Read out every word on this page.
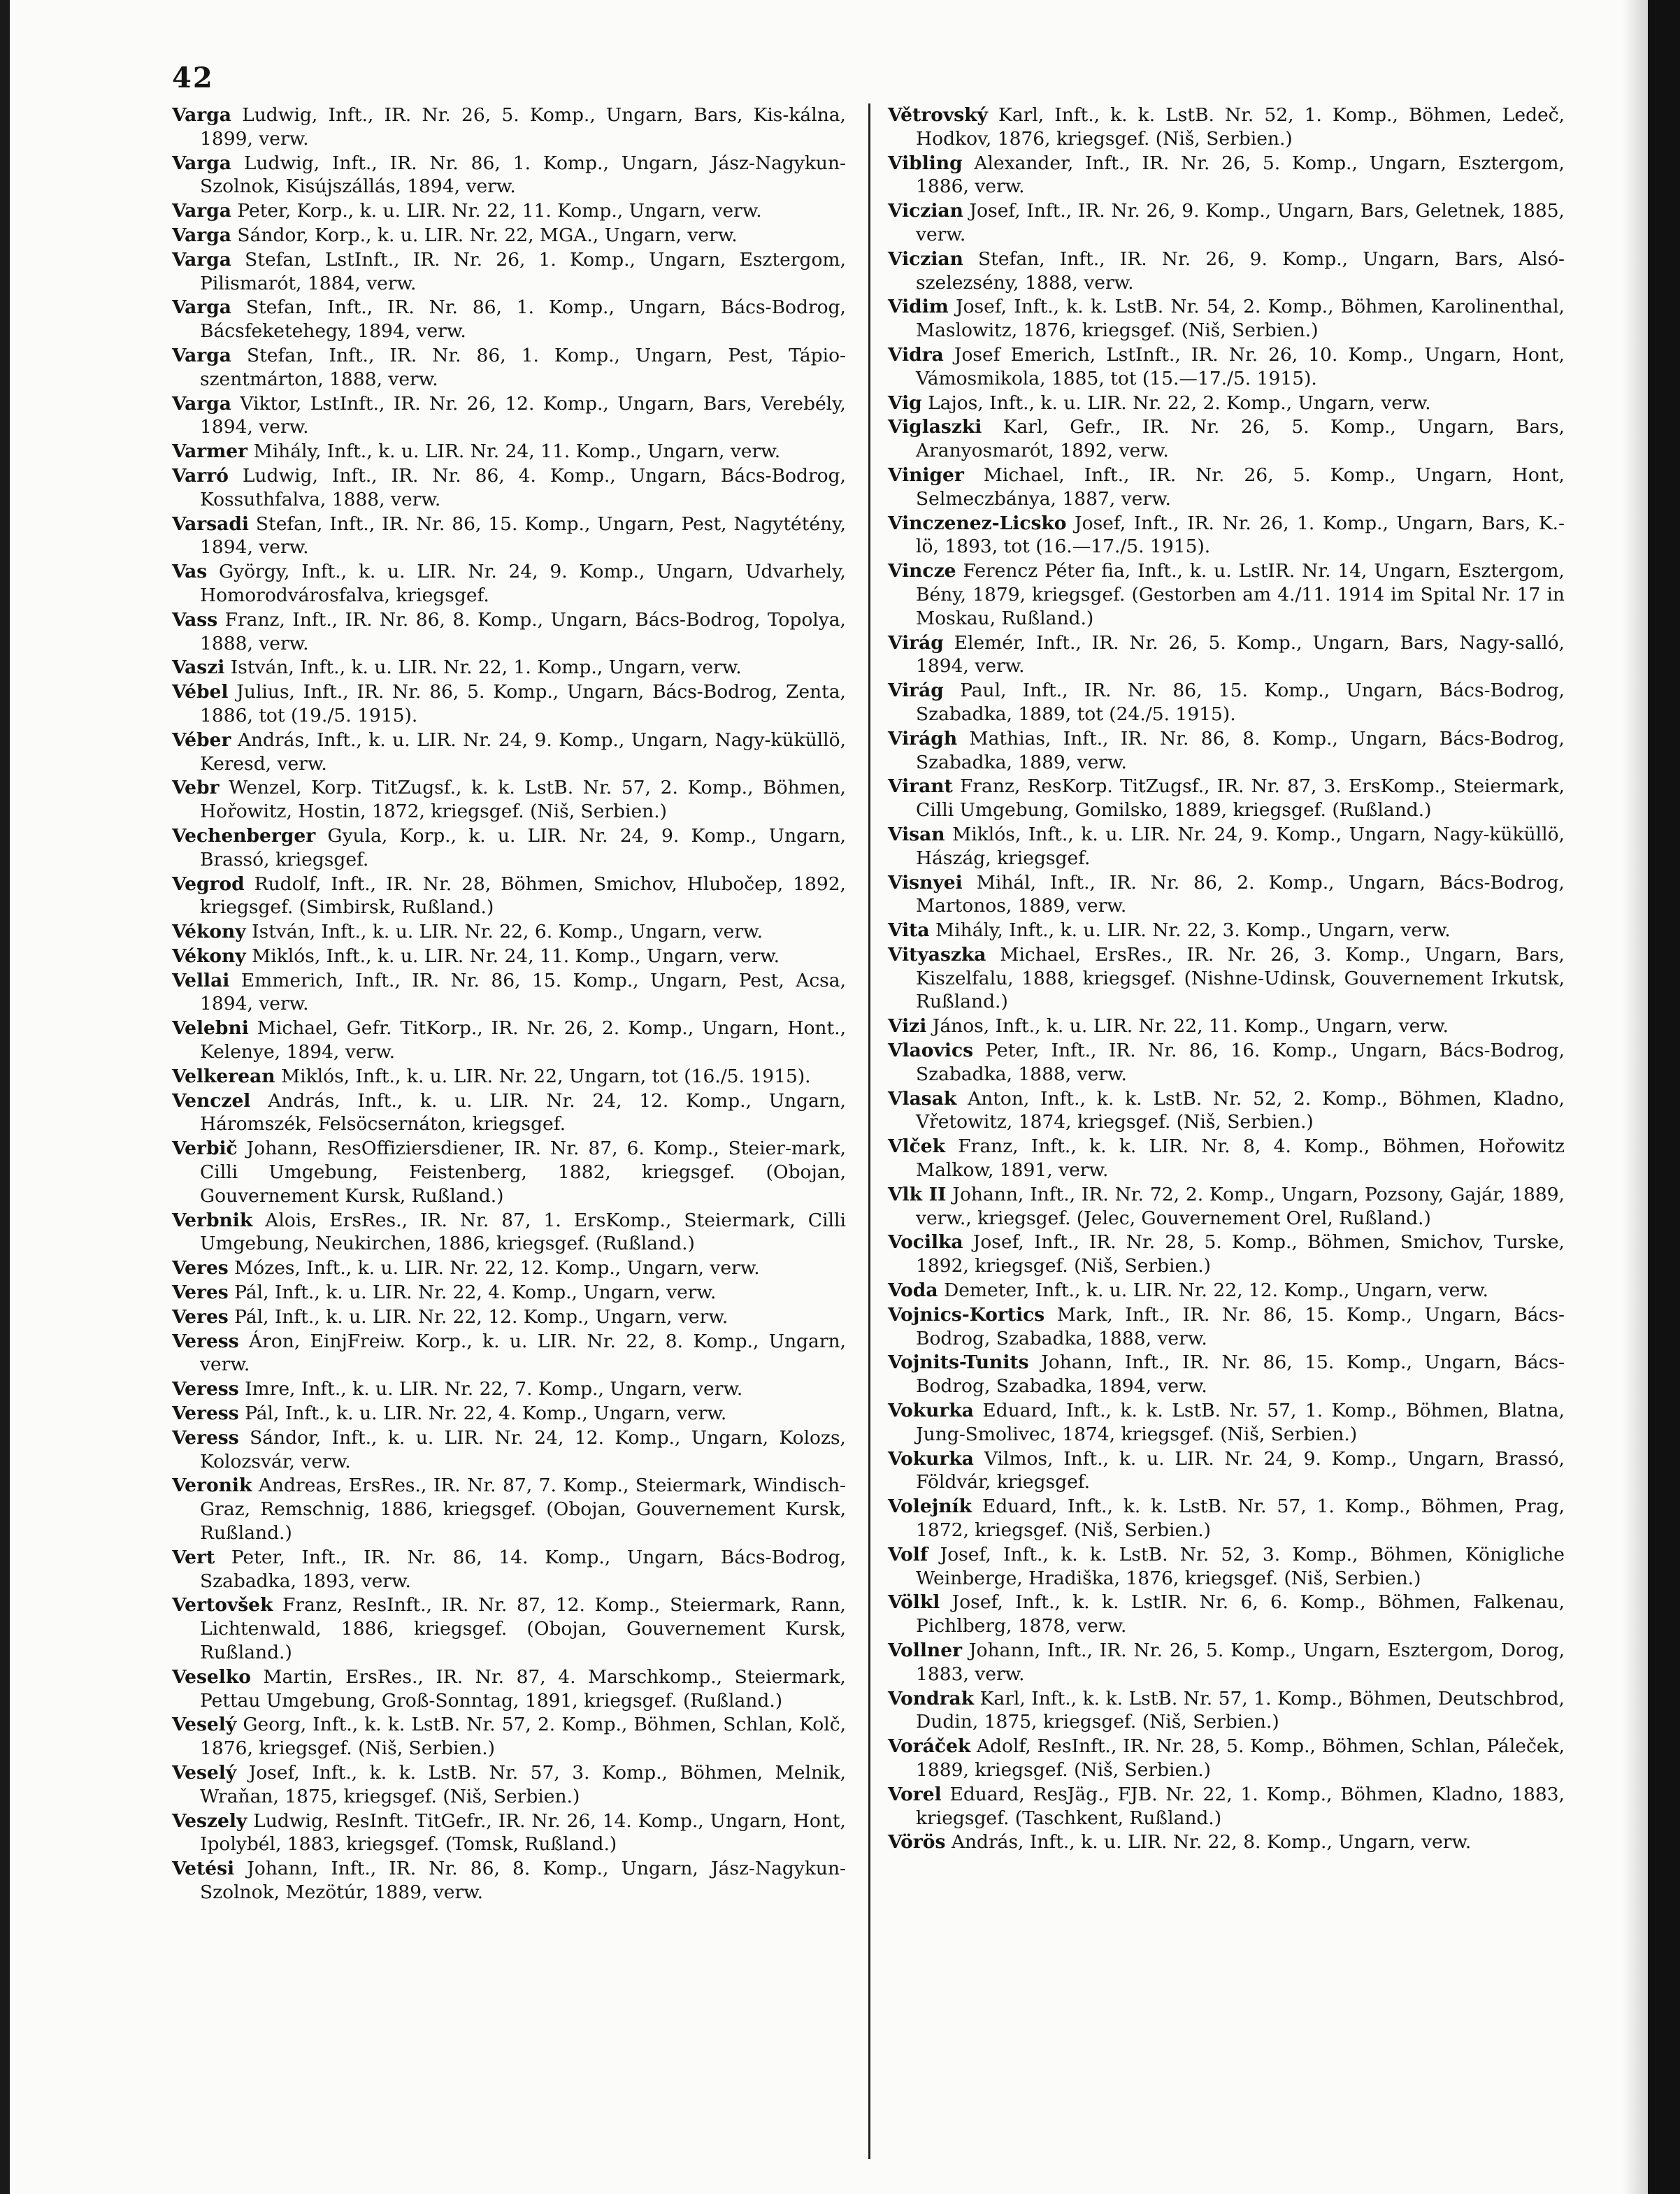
42
Varga Ludwig, Inft., IR. Nr. 26, 5. Komp., Ungarn, Bars, Kis-kálna, 1899, verw.
Varga Ludwig, Inft., IR. Nr. 86, 1. Komp., Ungarn, Jász-Nagykun-Szolnok, Kisújszállás, 1894, verw.
Varga Peter, Korp., k. u. LIR. Nr. 22, 11. Komp., Ungarn, verw.
Varga Sándor, Korp., k. u. LIR. Nr. 22, MGA., Ungarn, verw.
Varga Stefan, LstInft., IR. Nr. 26, 1. Komp., Ungarn, Esztergom, Pilismarót, 1884, verw.
Varga Stefan, Inft., IR. Nr. 86, 1. Komp., Ungarn, Bács-Bodrog, Bácsfeketehegy, 1894, verw.
Varga Stefan, Inft., IR. Nr. 86, 1. Komp., Ungarn, Pest, Tápio-szentmárton, 1888, verw.
Varga Viktor, LstInft., IR. Nr. 26, 12. Komp., Ungarn, Bars, Verebély, 1894, verw.
Varmer Mihály, Inft., k. u. LIR. Nr. 24, 11. Komp., Ungarn, verw.
Varró Ludwig, Inft., IR. Nr. 86, 4. Komp., Ungarn, Bács-Bodrog, Kossuthfalva, 1888, verw.
Varsadi Stefan, Inft., IR. Nr. 86, 15. Komp., Ungarn, Pest, Nagytétény, 1894, verw.
Vas György, Inft., k. u. LIR. Nr. 24, 9. Komp., Ungarn, Udvarhely, Homorodvárosfalva, kriegsgef.
Vass Franz, Inft., IR. Nr. 86, 8. Komp., Ungarn, Bács-Bodrog, Topolya, 1888, verw.
Vaszi István, Inft., k. u. LIR. Nr. 22, 1. Komp., Ungarn, verw.
Vébel Julius, Inft., IR. Nr. 86, 5. Komp., Ungarn, Bács-Bodrog, Zenta, 1886, tot (19./5. 1915).
Véber András, Inft., k. u. LIR. Nr. 24, 9. Komp., Ungarn, Nagy-küküllö, Keresd, verw.
Vebr Wenzel, Korp. TitZugsf., k. k. LstB. Nr. 57, 2. Komp., Böhmen, Hořowitz, Hostin, 1872, kriegsgef. (Niš, Serbien.)
Vechenberger Gyula, Korp., k. u. LIR. Nr. 24, 9. Komp., Ungarn, Brassó, kriegsgef.
Vegrod Rudolf, Inft., IR. Nr. 28, Böhmen, Smichov, Hlubočep, 1892, kriegsgef. (Simbirsk, Rußland.)
Vékony István, Inft., k. u. LIR. Nr. 22, 6. Komp., Ungarn, verw.
Vékony Miklós, Inft., k. u. LIR. Nr. 24, 11. Komp., Ungarn, verw.
Vellai Emmerich, Inft., IR. Nr. 86, 15. Komp., Ungarn, Pest, Acsa, 1894, verw.
Velebni Michael, Gefr. TitKorp., IR. Nr. 26, 2. Komp., Ungarn, Hont., Kelenye, 1894, verw.
Velkerean Miklós, Inft., k. u. LIR. Nr. 22, Ungarn, tot (16./5. 1915).
Venczel András, Inft., k. u. LIR. Nr. 24, 12. Komp., Ungarn, Háromszék, Felsöcsernáton, kriegsgef.
Verbič Johann, ResOffiziersdiener, IR. Nr. 87, 6. Komp., Steier-mark, Cilli Umgebung, Feistenberg, 1882, kriegsgef. (Obojan, Gouvernement Kursk, Rußland.)
Verbnik Alois, ErsRes., IR. Nr. 87, 1. ErsKomp., Steiermark, Cilli Umgebung, Neukirchen, 1886, kriegsgef. (Rußland.)
Veres Mózes, Inft., k. u. LIR. Nr. 22, 12. Komp., Ungarn, verw.
Veres Pál, Inft., k. u. LIR. Nr. 22, 4. Komp., Ungarn, verw.
Veres Pál, Inft., k. u. LIR. Nr. 22, 12. Komp., Ungarn, verw.
Veress Áron, EinjFreiw. Korp., k. u. LIR. Nr. 22, 8. Komp., Ungarn, verw.
Veress Imre, Inft., k. u. LIR. Nr. 22, 7. Komp., Ungarn, verw.
Veress Pál, Inft., k. u. LIR. Nr. 22, 4. Komp., Ungarn, verw.
Veress Sándor, Inft., k. u. LIR. Nr. 24, 12. Komp., Ungarn, Kolozs, Kolozsvár, verw.
Veronik Andreas, ErsRes., IR. Nr. 87, 7. Komp., Steiermark, Windisch-Graz, Remschnig, 1886, kriegsgef. (Obojan, Gouvernement Kursk, Rußland.)
Vert Peter, Inft., IR. Nr. 86, 14. Komp., Ungarn, Bács-Bodrog, Szabadka, 1893, verw.
Vertovšek Franz, ResInft., IR. Nr. 87, 12. Komp., Steiermark, Rann, Lichtenwald, 1886, kriegsgef. (Obojan, Gouvernement Kursk, Rußland.)
Veselko Martin, ErsRes., IR. Nr. 87, 4. Marschkomp., Steiermark, Pettau Umgebung, Groß-Sonntag, 1891, kriegsgef. (Rußland.)
Veselý Georg, Inft., k. k. LstB. Nr. 57, 2. Komp., Böhmen, Schlan, Kolč, 1876, kriegsgef. (Niš, Serbien.)
Veselý Josef, Inft., k. k. LstB. Nr. 57, 3. Komp., Böhmen, Melnik, Wraňan, 1875, kriegsgef. (Niš, Serbien.)
Veszely Ludwig, ResInft. TitGefr., IR. Nr. 26, 14. Komp., Ungarn, Hont, Ipolybél, 1883, kriegsgef. (Tomsk, Rußland.)
Vetési Johann, Inft., IR. Nr. 86, 8. Komp., Ungarn, Jász-Nagykun-Szolnok, Mezötúr, 1889, verw.
Větrovský Karl, Inft., k. k. LstB. Nr. 52, 1. Komp., Böhmen, Ledeč, Hodkov, 1876, kriegsgef. (Niš, Serbien.)
Vibling Alexander, Inft., IR. Nr. 26, 5. Komp., Ungarn, Esztergom, 1886, verw.
Viczian Josef, Inft., IR. Nr. 26, 9. Komp., Ungarn, Bars, Geletnek, 1885, verw.
Viczian Stefan, Inft., IR. Nr. 26, 9. Komp., Ungarn, Bars, Alsó-szelezsény, 1888, verw.
Vidim Josef, Inft., k. k. LstB. Nr. 54, 2. Komp., Böhmen, Karolinenthal, Maslowitz, 1876, kriegsgef. (Niš, Serbien.)
Vidra Josef Emerich, LstInft., IR. Nr. 26, 10. Komp., Ungarn, Hont, Vámosmikola, 1885, tot (15.—17./5. 1915).
Vig Lajos, Inft., k. u. LIR. Nr. 22, 2. Komp., Ungarn, verw.
Viglaszki Karl, Gefr., IR. Nr. 26, 5. Komp., Ungarn, Bars, Aranyosmarót, 1892, verw.
Viniger Michael, Inft., IR. Nr. 26, 5. Komp., Ungarn, Hont, Selmeczbánya, 1887, verw.
Vinczenez-Licsko Josef, Inft., IR. Nr. 26, 1. Komp., Ungarn, Bars, K.-lö, 1893, tot (16.—17./5. 1915).
Vincze Ferencz Péter fia, Inft., k. u. LstIR. Nr. 14, Ungarn, Esztergom, Bény, 1879, kriegsgef. (Gestorben am 4./11. 1914 im Spital Nr. 17 in Moskau, Rußland.)
Virág Elemér, Inft., IR. Nr. 26, 5. Komp., Ungarn, Bars, Nagy-salló, 1894, verw.
Virág Paul, Inft., IR. Nr. 86, 15. Komp., Ungarn, Bács-Bodrog, Szabadka, 1889, tot (24./5. 1915).
Virágh Mathias, Inft., IR. Nr. 86, 8. Komp., Ungarn, Bács-Bodrog, Szabadka, 1889, verw.
Virant Franz, ResKorp. TitZugsf., IR. Nr. 87, 3. ErsKomp., Steiermark, Cilli Umgebung, Gomilsko, 1889, kriegsgef. (Rußland.)
Visan Miklós, Inft., k. u. LIR. Nr. 24, 9. Komp., Ungarn, Nagy-küküllö, Hászág, kriegsgef.
Visnyei Mihál, Inft., IR. Nr. 86, 2. Komp., Ungarn, Bács-Bodrog, Martonos, 1889, verw.
Vita Mihály, Inft., k. u. LIR. Nr. 22, 3. Komp., Ungarn, verw.
Vityaszka Michael, ErsRes., IR. Nr. 26, 3. Komp., Ungarn, Bars, Kiszelfalu, 1888, kriegsgef. (Nishne-Udinsk, Gouvernement Irkutsk, Rußland.)
Vizi János, Inft., k. u. LIR. Nr. 22, 11. Komp., Ungarn, verw.
Vlaovics Peter, Inft., IR. Nr. 86, 16. Komp., Ungarn, Bács-Bodrog, Szabadka, 1888, verw.
Vlasak Anton, Inft., k. k. LstB. Nr. 52, 2. Komp., Böhmen, Kladno, Vřetowitz, 1874, kriegsgef. (Niš, Serbien.)
Vlček Franz, Inft., k. k. LIR. Nr. 8, 4. Komp., Böhmen, Hořowitz Malkow, 1891, verw.
Vlk II Johann, Inft., IR. Nr. 72, 2. Komp., Ungarn, Pozsony, Gajár, 1889, verw., kriegsgef. (Jelec, Gouvernement Orel, Rußland.)
Vocilka Josef, Inft., IR. Nr. 28, 5. Komp., Böhmen, Smichov, Turske, 1892, kriegsgef. (Niš, Serbien.)
Voda Demeter, Inft., k. u. LIR. Nr. 22, 12. Komp., Ungarn, verw.
Vojnics-Kortics Mark, Inft., IR. Nr. 86, 15. Komp., Ungarn, Bács-Bodrog, Szabadka, 1888, verw.
Vojnits-Tunits Johann, Inft., IR. Nr. 86, 15. Komp., Ungarn, Bács-Bodrog, Szabadka, 1894, verw.
Vokurka Eduard, Inft., k. k. LstB. Nr. 57, 1. Komp., Böhmen, Blatna, Jung-Smolivec, 1874, kriegsgef. (Niš, Serbien.)
Vokurka Vilmos, Inft., k. u. LIR. Nr. 24, 9. Komp., Ungarn, Brassó, Földvár, kriegsgef.
Volejník Eduard, Inft., k. k. LstB. Nr. 57, 1. Komp., Böhmen, Prag, 1872, kriegsgef. (Niš, Serbien.)
Volf Josef, Inft., k. k. LstB. Nr. 52, 3. Komp., Böhmen, Königliche Weinberge, Hradiška, 1876, kriegsgef. (Niš, Serbien.)
Völkl Josef, Inft., k. k. LstIR. Nr. 6, 6. Komp., Böhmen, Falkenau, Pichlberg, 1878, verw.
Vollner Johann, Inft., IR. Nr. 26, 5. Komp., Ungarn, Esztergom, Dorog, 1883, verw.
Vondrak Karl, Inft., k. k. LstB. Nr. 57, 1. Komp., Böhmen, Deutschbrod, Dudin, 1875, kriegsgef. (Niš, Serbien.)
Voráček Adolf, ResInft., IR. Nr. 28, 5. Komp., Böhmen, Schlan, Páleček, 1889, kriegsgef. (Niš, Serbien.)
Vorel Eduard, ResJäg., FJB. Nr. 22, 1. Komp., Böhmen, Kladno, 1883, kriegsgef. (Taschkent, Rußland.)
Vörös András, Inft., k. u. LIR. Nr. 22, 8. Komp., Ungarn, verw.
